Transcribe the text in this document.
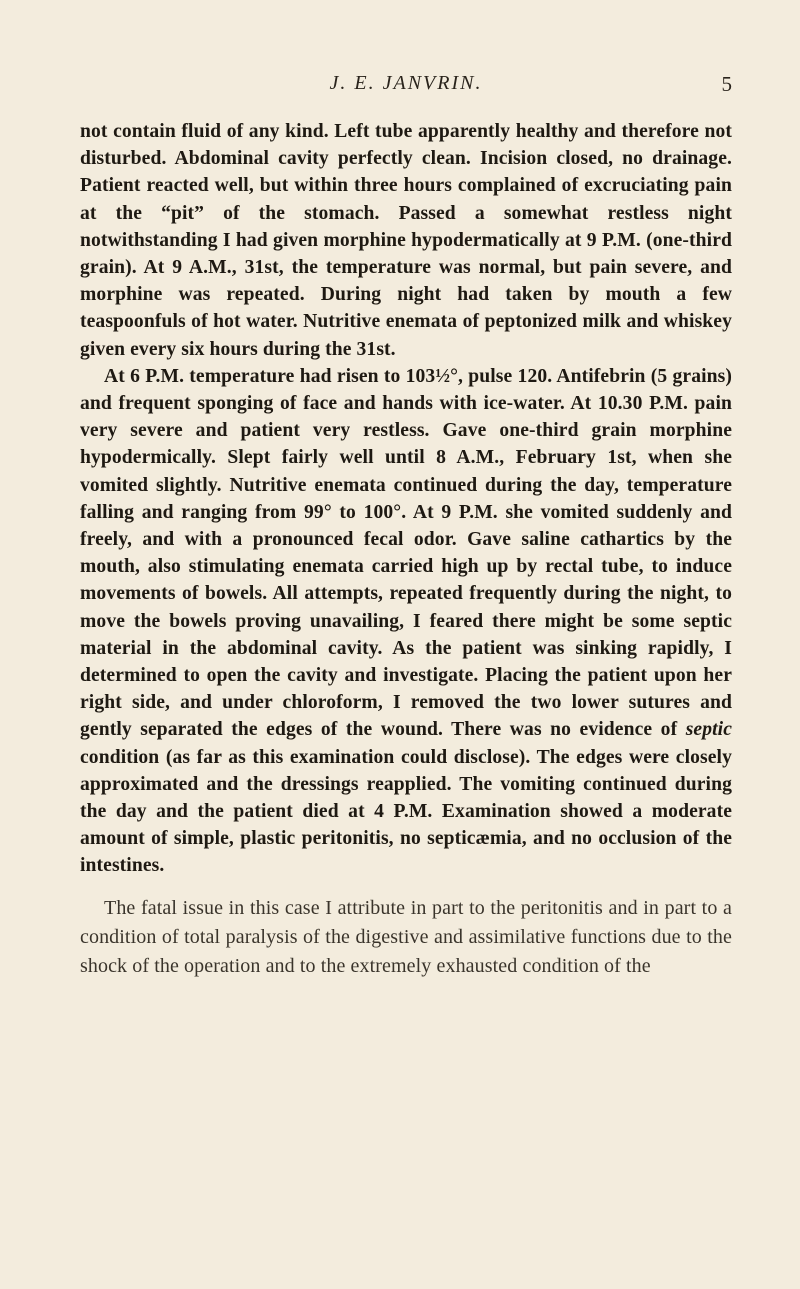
J. E. JANVRIN.	5

not contain fluid of any kind. Left tube apparently healthy and therefore not disturbed. Abdominal cavity perfectly clean. Incision closed, no drainage. Patient reacted well, but within three hours complained of excruciating pain at the “pit” of the stomach. Passed a somewhat restless night notwithstanding I had given morphine hypodermatically at 9 P.M. (one-third grain). At 9 A.M., 31st, the temperature was normal, but pain severe, and morphine was repeated. During night had taken by mouth a few teaspoonfuls of hot water. Nutritive enemata of peptonized milk and whiskey given every six hours during the 31st.

At 6 P.M. temperature had risen to 103½°, pulse 120. Antifebrin (5 grains) and frequent sponging of face and hands with ice-water. At 10.30 P.M. pain very severe and patient very restless. Gave one-third grain morphine hypodermically. Slept fairly well until 8 A.M., February 1st, when she vomited slightly. Nutritive enemata continued during the day, temperature falling and ranging from 99° to 100°. At 9 P.M. she vomited suddenly and freely, and with a pronounced fecal odor. Gave saline cathartics by the mouth, also stimulating enemata carried high up by rectal tube, to induce movements of bowels. All attempts, repeated frequently during the night, to move the bowels proving unavailing, I feared there might be some septic material in the abdominal cavity. As the patient was sinking rapidly, I determined to open the cavity and investigate. Placing the patient upon her right side, and under chloroform, I removed the two lower sutures and gently separated the edges of the wound. There was no evidence of septic condition (as far as this examination could disclose). The edges were closely approximated and the dressings reapplied. The vomiting continued during the day and the patient died at 4 P.M. Examination showed a moderate amount of simple, plastic peritonitis, no septicæmia, and no occlusion of the intestines.

The fatal issue in this case I attribute in part to the peritonitis and in part to a condition of total paralysis of the digestive and assimilative functions due to the shock of the operation and to the extremely exhausted condition of the
